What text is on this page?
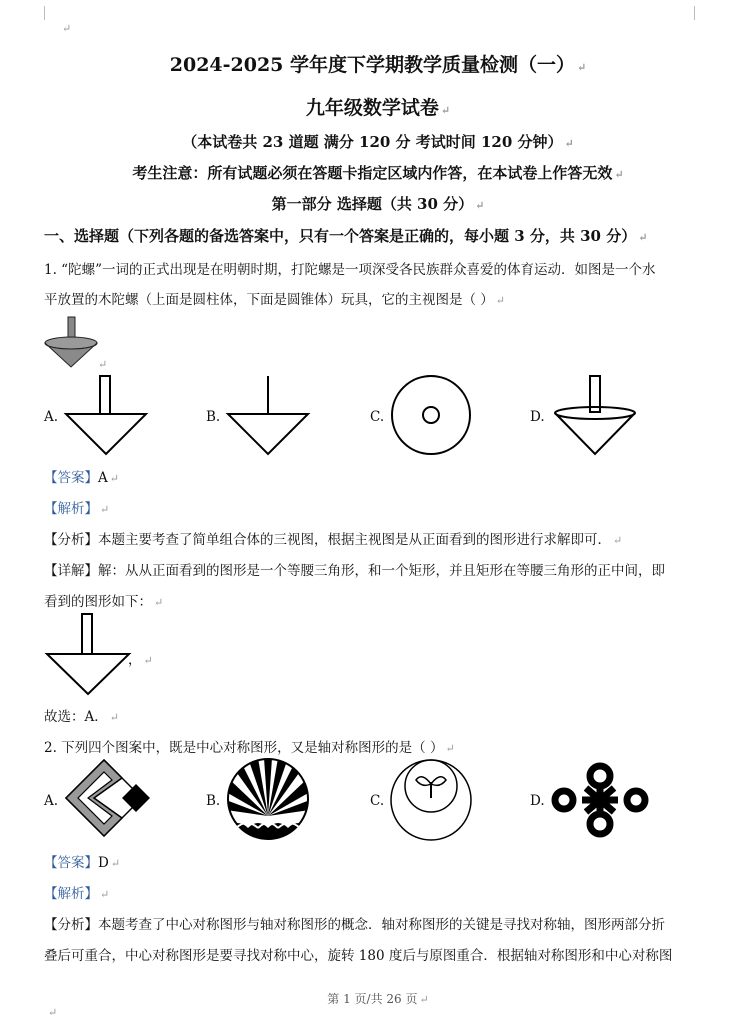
↵
2024-2025 学年度下学期教学质量检测（一） ↵
九年级数学试卷 ↵
（本试卷共 23 道题 满分 120 分 考试时间 120 分钟） ↵
考生注意：所有试题必须在答题卡指定区域内作答，在本试卷上作答无效 ↵
第一部分 选择题（共 30 分） ↵
一、选择题（下列各题的备选答案中，只有一个答案是正确的，每小题 3 分，共 30 分） ↵
1. “陀螺”一词的正式出现是在明朝时期，打陀螺是一项深受各民族群众喜爱的体育运动．如图是一个水
平放置的木陀螺（上面是圆柱体，下面是圆锥体）玩具，它的主视图是（ ） ↵
↵
A.	B.	C.	D.
【答案】A ↵
【解析】 ↵
【分析】本题主要考查了简单组合体的三视图，根据主视图是从正面看到的图形进行求解即可． ↵
【详解】解：从从正面看到的图形是一个等腰三角形，和一个矩形，并且矩形在等腰三角形的正中间，即
看到的图形如下： ↵
， ↵
故选：A． ↵
2. 下列四个图案中，既是中心对称图形，又是轴对称图形的是（ ） ↵
A.	B.	C.	D.
【答案】D ↵
【解析】 ↵
【分析】本题考查了中心对称图形与轴对称图形的概念．轴对称图形的关键是寻找对称轴，图形两部分折
叠后可重合，中心对称图形是要寻找对称中心，旋转 180 度后与原图重合．根据轴对称图形和中心对称图
第 1 页/共 26 页 ↵
↵
